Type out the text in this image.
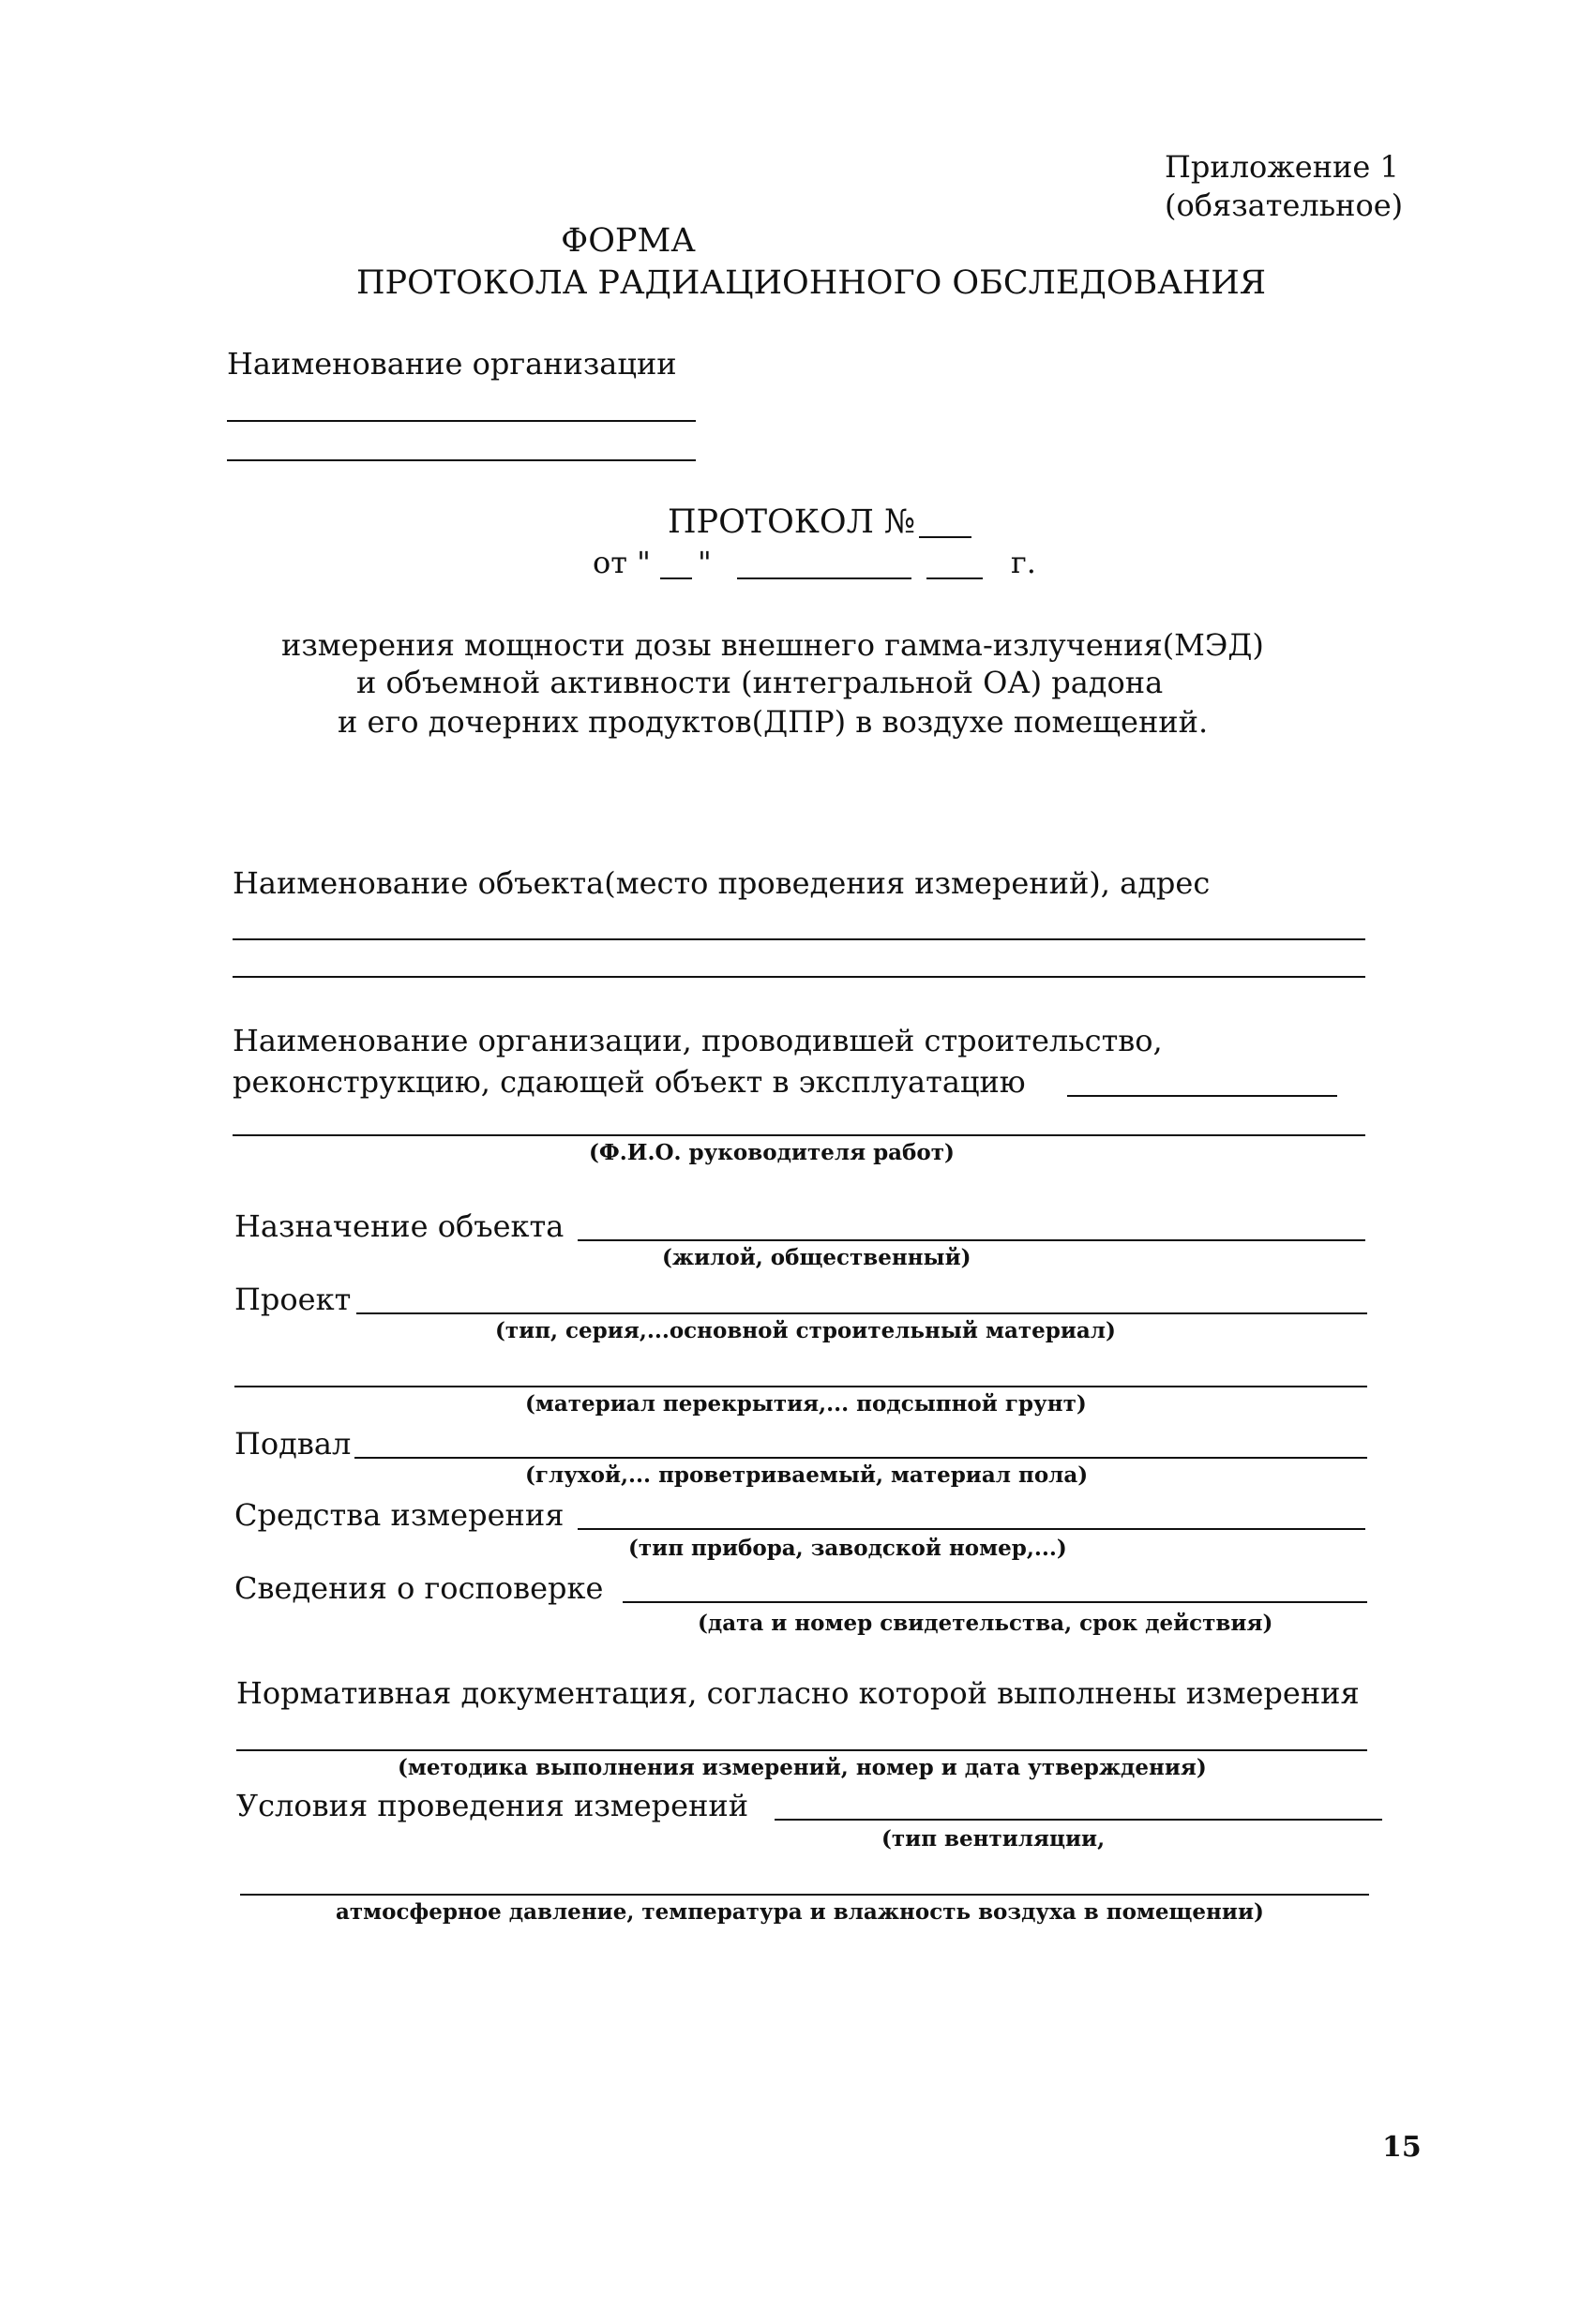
Приложение 1
(обязательное)
ФОРМА
ПРОТОКОЛА РАДИАЦИОННОГО ОБСЛЕДОВАНИЯ
Наименование организации
ПРОТОКОЛ №
от " "	г.
измерения мощности дозы внешнего гамма-излучения(МЭД)
и объемной активности (интегральной ОА) радона
и его дочерних продуктов(ДПР) в воздухе помещений.
Наименование объекта(место проведения измерений), адрес
Наименование организации, проводившей строительство,
реконструкцию, сдающей объект в эксплуатацию
(Ф.И.О. руководителя работ)
Назначение объекта
(жилой, общественный)
Проект
(тип, серия,...основной строительный материал)
(материал перекрытия,... подсыпной грунт)
Подвал
(глухой,... проветриваемый, материал пола)
Средства измерения
(тип прибора, заводской номер,...)
Сведения о госповерке
(дата и номер свидетельства, срок действия)
Нормативная документация, согласно которой выполнены измерения
(методика выполнения измерений, номер и дата утверждения)
Условия проведения измерений
(тип вентиляции,
атмосферное давление, температура и влажность воздуха в помещении)
15
